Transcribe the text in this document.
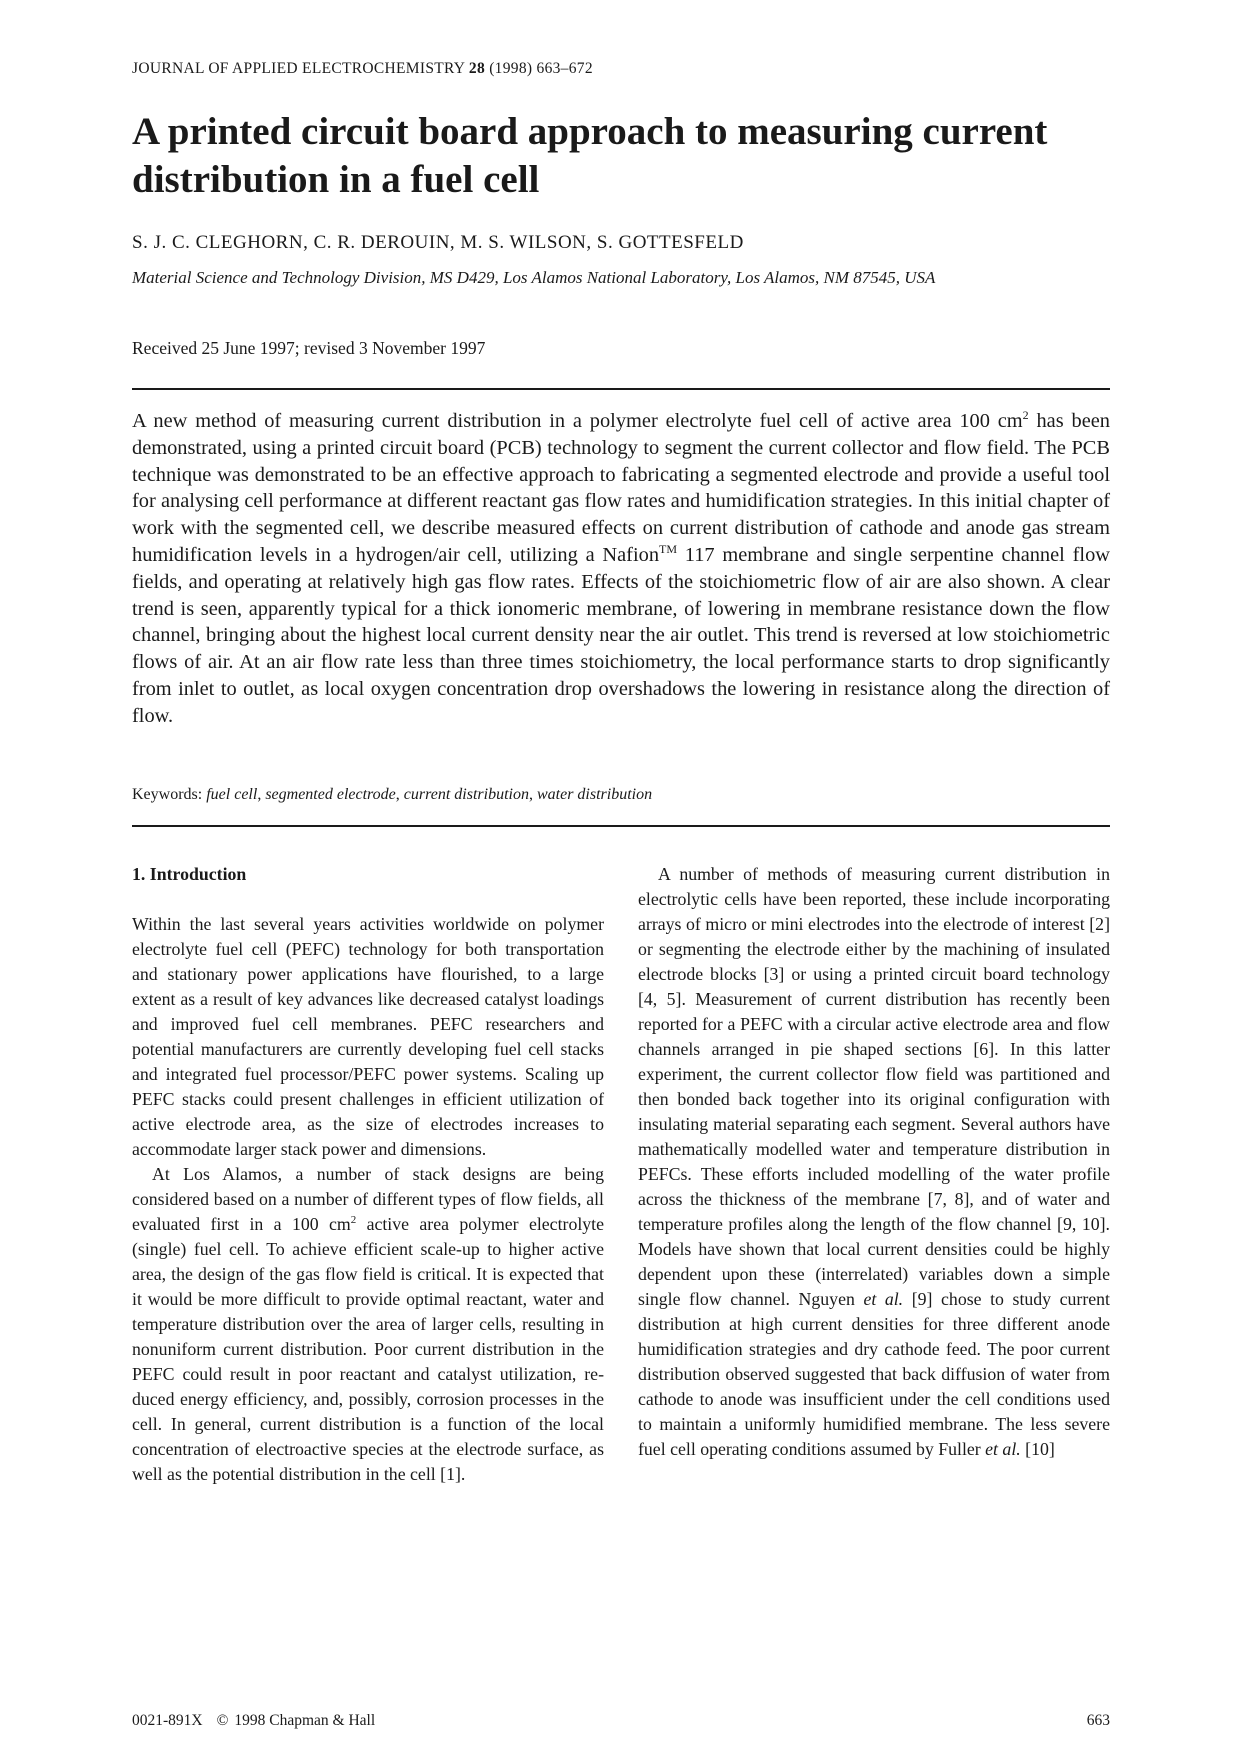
JOURNAL OF APPLIED ELECTROCHEMISTRY 28 (1998) 663–672
A printed circuit board approach to measuring current distribution in a fuel cell
S. J. C. CLEGHORN, C. R. DEROUIN, M. S. WILSON, S. GOTTESFELD
Material Science and Technology Division, MS D429, Los Alamos National Laboratory, Los Alamos, NM 87545, USA
Received 25 June 1997; revised 3 November 1997

A new method of measuring current distribution in a polymer electrolyte fuel cell of active area 100 $cm^2$ has been demonstrated, using a printed circuit board (PCB) technology to segment the current collector and flow field. The PCB technique was demonstrated to be an effective approach to fabricating a segmented electrode and provide a useful tool for analysing cell performance at different reactant gas flow rates and humidification strategies. In this initial chapter of work with the segmented cell, we describe measured effects on current distribution of cathode and anode gas stream humidification levels in a hydrogen/air cell, utilizing a Nafion™ 117 membrane and single serpentine channel flow fields, and operating at relatively high gas flow rates. Effects of the stoichiometric flow of air are also shown. A clear trend is seen, apparently typical for a thick ionomeric membrane, of lowering in membrane resistance down the flow channel, bringing about the highest local current density near the air outlet. This trend is reversed at low stoichiometric flows of air. At an air flow rate less than three times stoichiometry, the local performance starts to drop significantly from inlet to outlet, as local oxygen concentration drop overshadows the lowering in resistance along the direction of flow.

Keywords: fuel cell, segmented electrode, current distribution, water distribution
1. Introduction

Within the last several years activities worldwide on polymer electrolyte fuel cell (PEFC) technology for both transportation and stationary power applications have flourished, to a large extent as a result of key advances like decreased catalyst loadings and improved fuel cell membranes. PEFC researchers and potential manufacturers are currently developing fuel cell stacks and integrated fuel processor/PEFC power systems. Scaling up PEFC stacks could present challenges in efficient utilization of active electrode area, as the size of electrodes increases to accommodate larger stack power and dimensions.

At Los Alamos, a number of stack designs are being considered based on a number of different types of flow fields, all evaluated first in a 100 $cm^2$ active area polymer electrolyte (single) fuel cell. To achieve efficient scale-up to higher active area, the design of the gas flow field is critical. It is expected that it would be more difficult to provide optimal reactant, water and temperature distribution over the area of larger cells, resulting in nonuniform current distribution. Poor current distribution in the PEFC could result in poor reactant and catalyst utilization, reduced energy efficiency, and, possibly, corrosion processes in the cell. In general, current distribution is a function of the local concentration of electroactive species at the electrode surface, as well as the potential distribution in the cell [1].

A number of methods of measuring current distribution in electrolytic cells have been reported, these include incorporating arrays of micro or mini electrodes into the electrode of interest [2] or segmenting the electrode either by the machining of insulated electrode blocks [3] or using a printed circuit board technology [4, 5]. Measurement of current distribution has recently been reported for a PEFC with a circular active electrode area and flow channels arranged in pie shaped sections [6]. In this latter experiment, the current collector flow field was partitioned and then bonded back together into its original configuration with insulating material separating each segment. Several authors have mathematically modelled water and temperature distribution in PEFCs. These efforts included modelling of the water profile across the thickness of the membrane [7, 8], and of water and temperature profiles along the length of the flow channel [9, 10]. Models have shown that local current densities could be highly dependent upon these (interrelated) variables down a simple single flow channel. Nguyen et al. [9] chose to study current distribution at high current densities for three different anode humidification strategies and dry cathode feed. The poor current distribution observed suggested that back diffusion of water from cathode to anode was insufficient under the cell conditions used to maintain a uniformly humidified membrane. The less severe fuel cell operating conditions assumed by Fuller et al. [10]

0021-891X © 1998 Chapman & Hall	663
